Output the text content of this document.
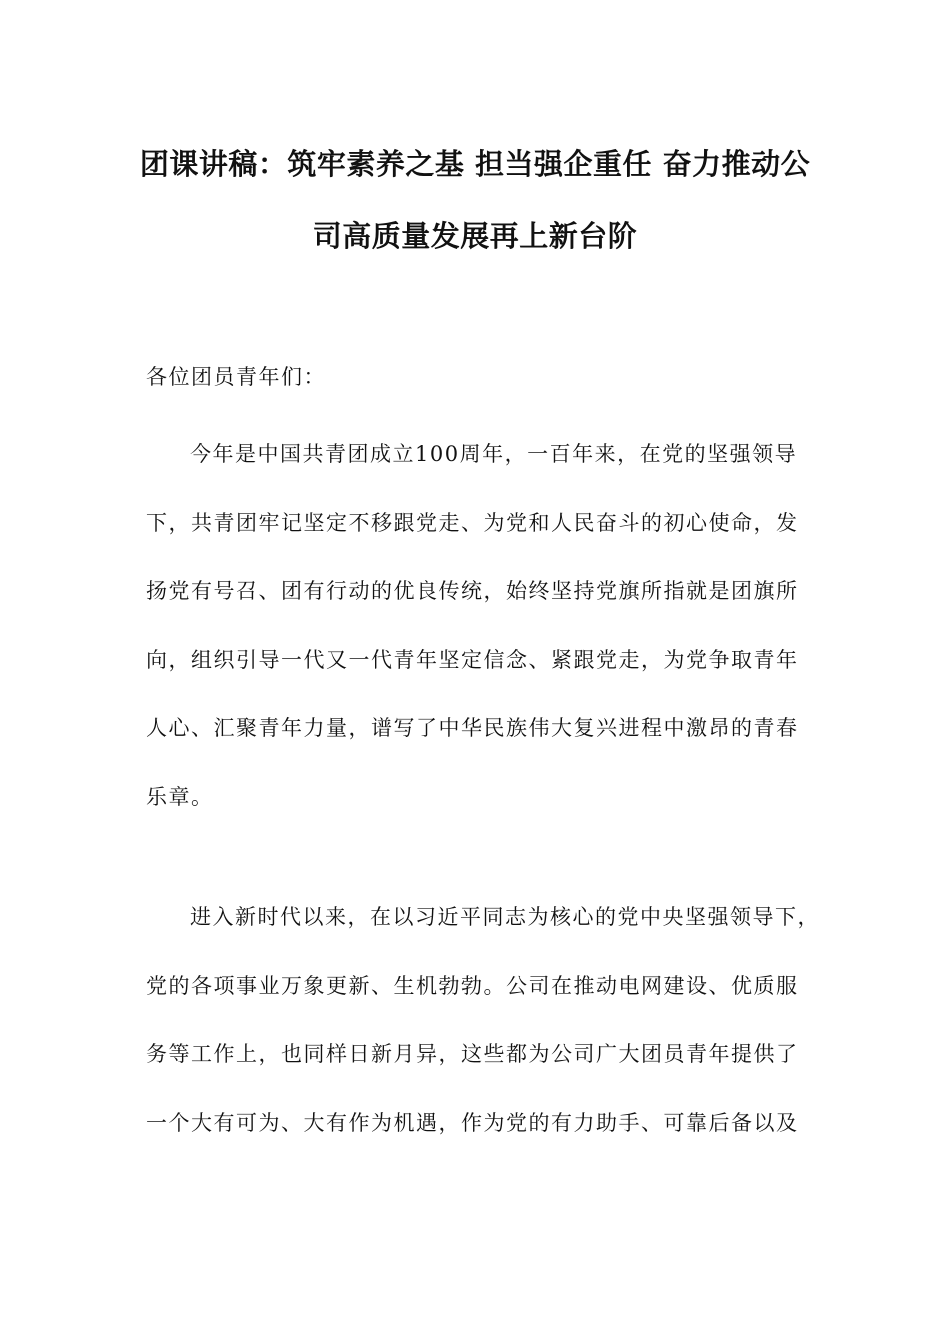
团课讲稿：筑牢素养之基 担当强企重任 奋力推动公
司高质量发展再上新台阶

各位团员青年们：

今年是中国共青团成立100周年，一百年来，在党的坚强领导
下，共青团牢记坚定不移跟党走、为党和人民奋斗的初心使命，发
扬党有号召、团有行动的优良传统，始终坚持党旗所指就是团旗所
向，组织引导一代又一代青年坚定信念、紧跟党走，为党争取青年
人心、汇聚青年力量，谱写了中华民族伟大复兴进程中激昂的青春
乐章。

进入新时代以来，在以习近平同志为核心的党中央坚强领导下，
党的各项事业万象更新、生机勃勃。公司在推动电网建设、优质服
务等工作上，也同样日新月异，这些都为公司广大团员青年提供了
一个大有可为、大有作为机遇，作为党的有力助手、可靠后备以及
